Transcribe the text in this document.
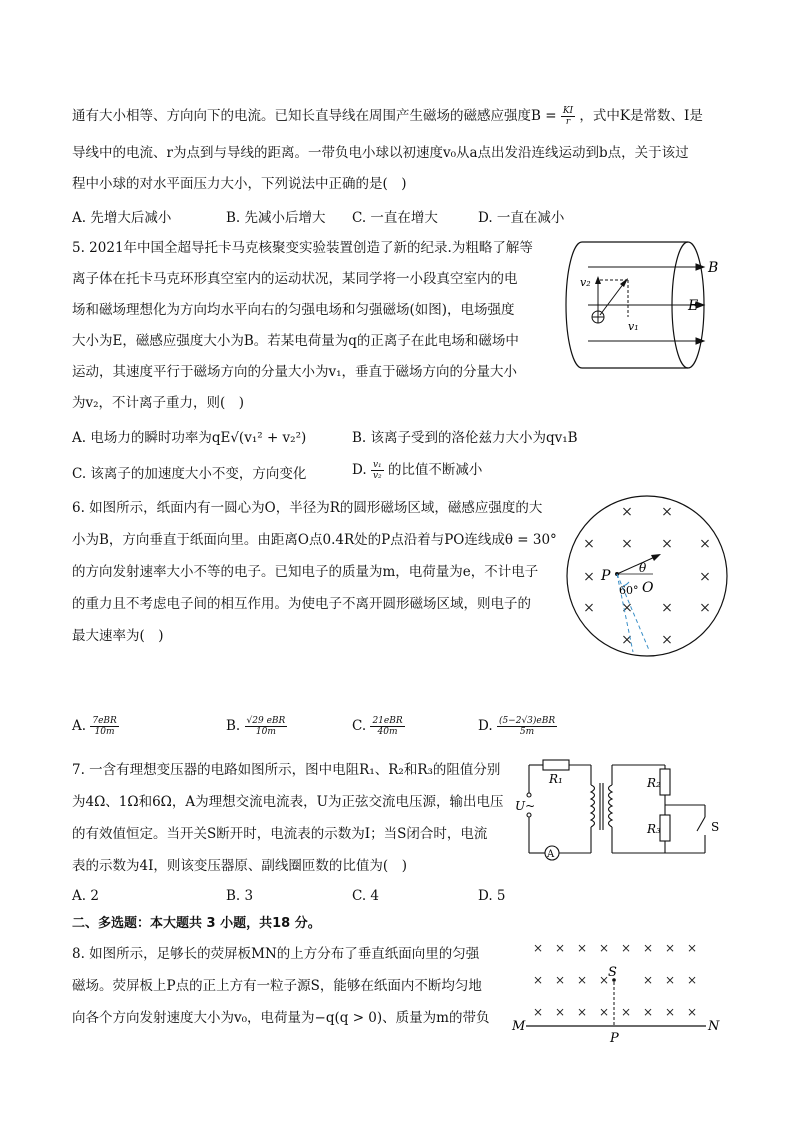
通有大小相等、方向向下的电流。已知长直导线在周围产生磁场的磁感应强度$B = \frac{KI}{r}$ ，式中K是常数、I是
导线中的电流、r为点到与导线的距离。一带负电小球以初速度v₀从a点出发沿连线运动到b点，关于该过
程中小球的对水平面压力大小，下列说法中正确的是(　)
A. 先增大后减小	B. 先减小后增大 C. 一直在增大	D. 一直在减小
5. 2021年中国全超导托卡马克核聚变实验装置创造了新的纪录.为粗略了解等
离子体在托卡马克环形真空室内的运动状况，某同学将一小段真空室内的电
场和磁场理想化为方向均水平向右的匀强电场和匀强磁场(如图)，电场强度
大小为E，磁感应强度大小为B。若某电荷量为q的正离子在此电场和磁场中
运动，其速度平行于磁场方向的分量大小为v₁，垂直于磁场方向的分量大小
为v₂，不计离子重力，则(　)
A. 电场力的瞬时功率为qE√(v₁² + v₂²)	B. 该离子受到的洛伦兹力大小为qv₁B
C. 该离子的加速度大小不变，方向变化	D. $\frac{\text{v₁}}{\text{v₂}}$ 的比值不断减小
B
E
v₁
v₂
6. 如图所示，纸面内有一圆心为O，半径为R的圆形磁场区域，磁感应强度的大
小为B，方向垂直于纸面向里。由距离O点0.4R处的P点沿着与PO连线成θ = 30°
的方向发射速率大小不等的电子。已知电子的质量为m，电荷量为e，不计电子
的重力且不考虑电子间的相互作用。为使电子不离开圆形磁场区域，则电子的
最大速率为(　)
A. $\frac{\text{7eBR}}{10m}$	B. $\frac{\text{√29 eBR}}{10m}$	C. $\frac{\text{21eBR}}{40m}$	D. $\frac{\text{(5−2√3)eBR}}{5m}$
× ×
× × × ×
×	×
× × × ×
× ×
P
O
θ
60°
7. 一含有理想变压器的电路如图所示，图中电阻R₁、R₂和R₃的阻值分别
为4Ω、1Ω和6Ω，A为理想交流电流表，U为正弦交流电压源，输出电压
的有效值恒定。当开关S断开时，电流表的示数为I；当S闭合时，电流
表的示数为4I，则该变压器原、副线圈匝数的比值为(　)
A. 2	B. 3	C. 4	D. 5
R₁	R₂
R₃
U~
A
S
二、多选题：本大题共 3 小题，共18 分。
8. 如图所示，足够长的荧屏板MN的上方分布了垂直纸面向里的匀强
磁场。荧屏板上P点的正上方有一粒子源S，能够在纸面内不断均匀地
向各个方向发射速度大小为v₀，电荷量为−q(q > 0)、质量为m的带负
× × × × × × × ×
× × × ×	× × ×
× × × × × × × ×
S
P
M	N
